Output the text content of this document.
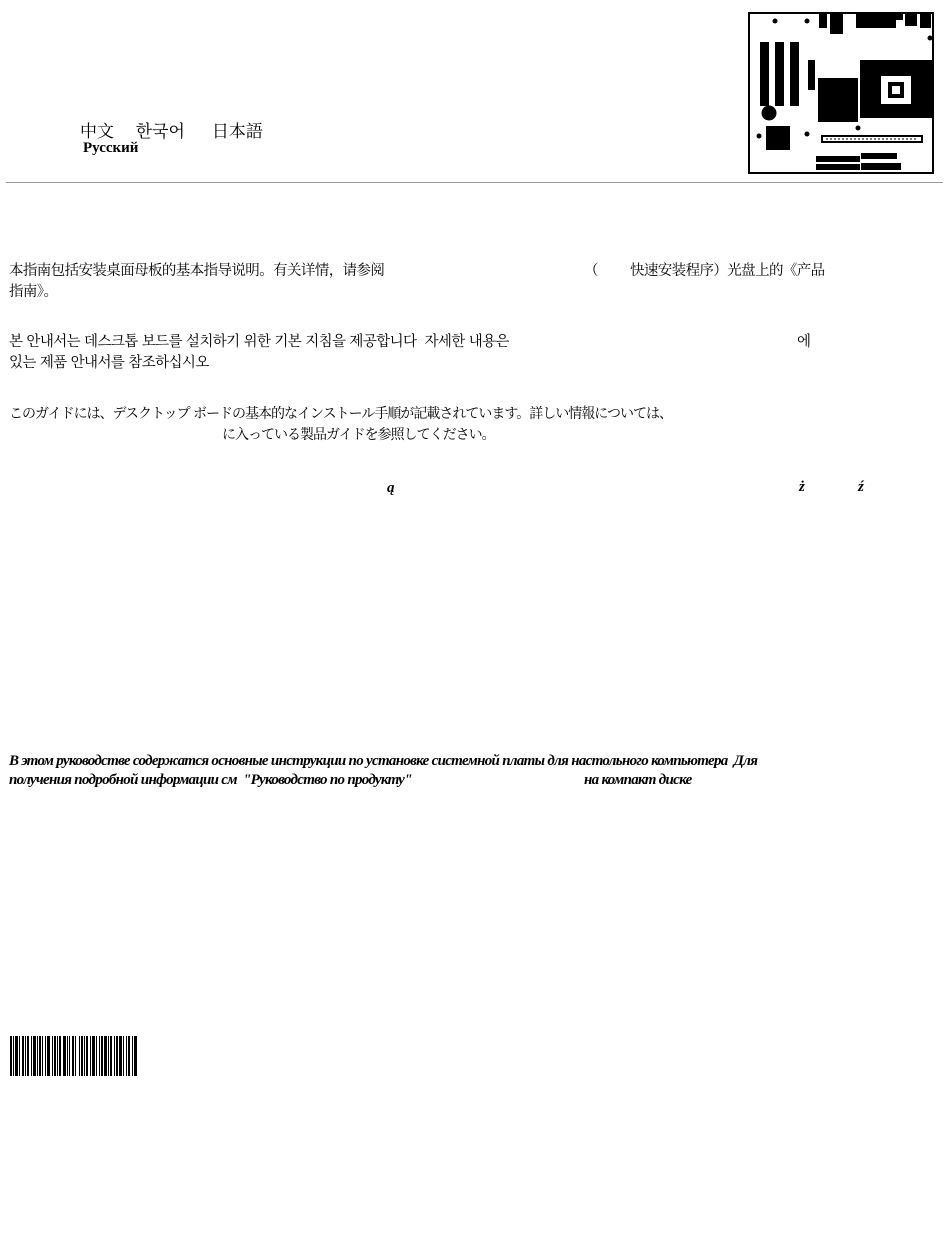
中文    한국어     日本語
Русский
本指南包括安装桌面母板的基本指导说明。有关详情，请参阅	（        快速安装程序）光盘上的《产品
指南》。
본 안내서는 데스크톱 보드를 설치하기 위한 기본 지침을 제공합니다  자세한 내용은	에
있는 제품 안내서를 참조하십시오
このガイドには、デスクトップ ボードの基本的なインストール手順が記載されています。詳しい情報については、
に入っている製品ガイドを参照してください。
ą	ż	ź
В этом руководстве содержатся основные инструкции по установке системной платы для настольного компьютера  Для
получения подробной информации см  "Руководство по продукту"	на компакт диске
